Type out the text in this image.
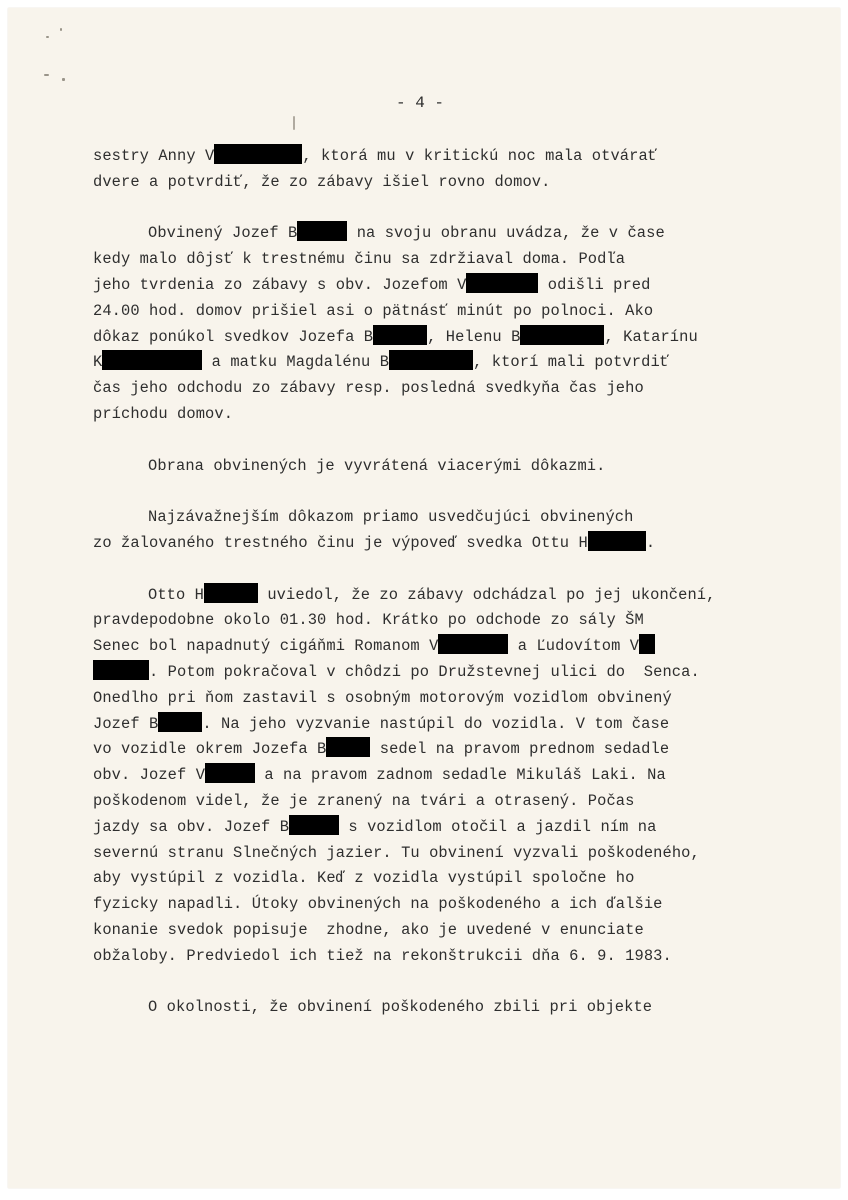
- 4 -
sestry Anny V	, ktorá mu v kritickú noc mala otvárať
dvere a potvrdiť, že zo zábavy išiel rovno domov.
Obvinený Jozef B	na svoju obranu uvádza, že v čase
kedy malo dôjsť k trestnému činu sa zdržiaval doma. Podľa
jeho tvrdenia zo zábavy s obv. Jozefom V	odišli pred
24.00 hod. domov prišiel asi o pätnásť minút po polnoci. Ako
dôkaz ponúkol svedkov Jozefa B	, Helenu B	, Katarínu
K	a matku Magdalénu B	, ktorí mali potvrdiť
čas jeho odchodu zo zábavy resp. posledná svedkyňa čas jeho
príchodu domov.
Obrana obvinených je vyvrátená viacerými dôkazmi.
Najzávažnejším dôkazom priamo usvedčujúci obvinených
zo žalovaného trestného činu je výpoveď svedka Ottu H	.
Otto H	uviedol, že zo zábavy odchádzal po jej ukončení,
pravdepodobne okolo 01.30 hod. Krátko po odchode zo sály ŠM
Senec bol napadnutý cigáňmi Romanom V	a Ľudovítom V
. Potom pokračoval v chôdzi po Družstevnej ulici do  Senca.
Onedlho pri ňom zastavil s osobným motorovým vozidlom obvinený
Jozef B	. Na jeho vyzvanie nastúpil do vozidla. V tom čase
vo vozidle okrem Jozefa B	sedel na pravom prednom sedadle
obv. Jozef V	a na pravom zadnom sedadle Mikuláš Laki. Na
poškodenom videl, že je zranený na tvári a otrasený. Počas
jazdy sa obv. Jozef B	s vozidlom otočil a jazdil ním na
severnú stranu Slnečných jazier. Tu obvinení vyzvali poškodeného,
aby vystúpil z vozidla. Keď z vozidla vystúpil spoločne ho
fyzicky napadli. Útoky obvinených na poškodeného a ich ďalšie
konanie svedok popisuje  zhodne, ako je uvedené v enunciate
obžaloby. Predviedol ich tiež na rekonštrukcii dňa 6. 9. 1983.
O okolnosti, že obvinení poškodeného zbili pri objekte
